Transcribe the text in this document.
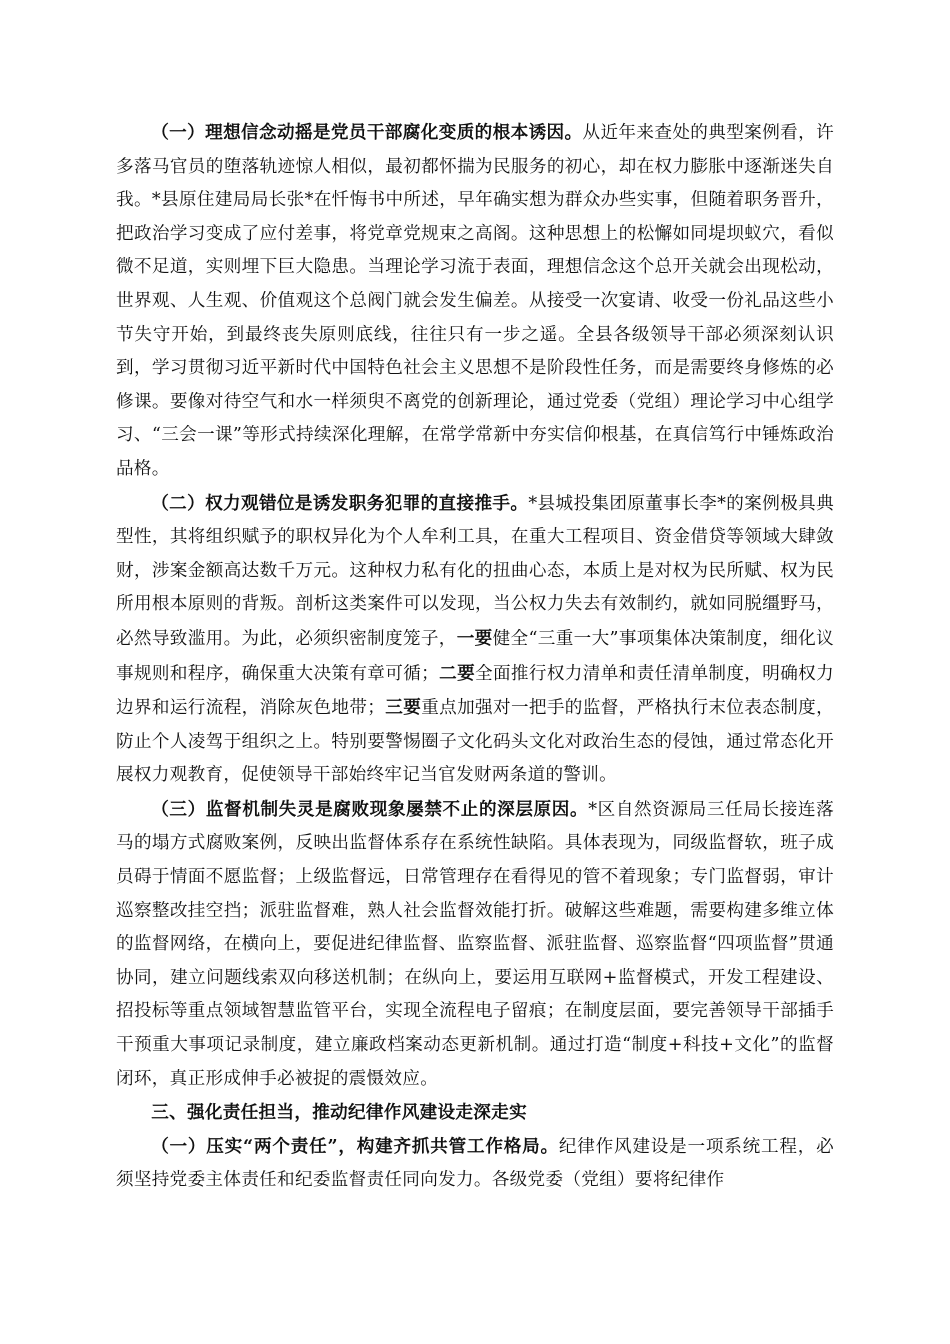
（一）理想信念动摇是党员干部腐化变质的根本诱因。从近年来查处的典型案例看，许多落马官员的堕落轨迹惊人相似，最初都怀揣为民服务的初心，却在权力膨胀中逐渐迷失自我。*县原住建局局长张*在忏悔书中所述，早年确实想为群众办些实事，但随着职务晋升，把政治学习变成了应付差事，将党章党规束之高阁。这种思想上的松懈如同堤坝蚁穴，看似微不足道，实则埋下巨大隐患。当理论学习流于表面，理想信念这个总开关就会出现松动，世界观、人生观、价值观这个总阀门就会发生偏差。从接受一次宴请、收受一份礼品这些小节失守开始，到最终丧失原则底线，往往只有一步之遥。全县各级领导干部必须深刻认识到，学习贯彻习近平新时代中国特色社会主义思想不是阶段性任务，而是需要终身修炼的必修课。要像对待空气和水一样须臾不离党的创新理论，通过党委（党组）理论学习中心组学习、“三会一课”等形式持续深化理解，在常学常新中夯实信仰根基，在真信笃行中锤炼政治品格。

（二）权力观错位是诱发职务犯罪的直接推手。*县城投集团原董事长李*的案例极具典型性，其将组织赋予的职权异化为个人牟利工具，在重大工程项目、资金借贷等领域大肆敛财，涉案金额高达数千万元。这种权力私有化的扭曲心态，本质上是对权为民所赋、权为民所用根本原则的背叛。剖析这类案件可以发现，当公权力失去有效制约，就如同脱缰野马，必然导致滥用。为此，必须织密制度笼子，一要健全“三重一大”事项集体决策制度，细化议事规则和程序，确保重大决策有章可循；二要全面推行权力清单和责任清单制度，明确权力边界和运行流程，消除灰色地带；三要重点加强对一把手的监督，严格执行末位表态制度，防止个人凌驾于组织之上。特别要警惕圈子文化码头文化对政治生态的侵蚀，通过常态化开展权力观教育，促使领导干部始终牢记当官发财两条道的警训。

（三）监督机制失灵是腐败现象屡禁不止的深层原因。*区自然资源局三任局长接连落马的塌方式腐败案例，反映出监督体系存在系统性缺陷。具体表现为，同级监督软，班子成员碍于情面不愿监督；上级监督远，日常管理存在看得见的管不着现象；专门监督弱，审计巡察整改挂空挡；派驻监督难，熟人社会监督效能打折。破解这些难题，需要构建多维立体的监督网络，在横向上，要促进纪律监督、监察监督、派驻监督、巡察监督“四项监督”贯通协同，建立问题线索双向移送机制；在纵向上，要运用互联网+监督模式，开发工程建设、招投标等重点领域智慧监管平台，实现全流程电子留痕；在制度层面，要完善领导干部插手干预重大事项记录制度，建立廉政档案动态更新机制。通过打造“制度+科技+文化”的监督闭环，真正形成伸手必被捉的震慑效应。

三、强化责任担当，推动纪律作风建设走深走实

（一）压实“两个责任”，构建齐抓共管工作格局。纪律作风建设是一项系统工程，必须坚持党委主体责任和纪委监督责任同向发力。各级党委（党组）要将纪律作
